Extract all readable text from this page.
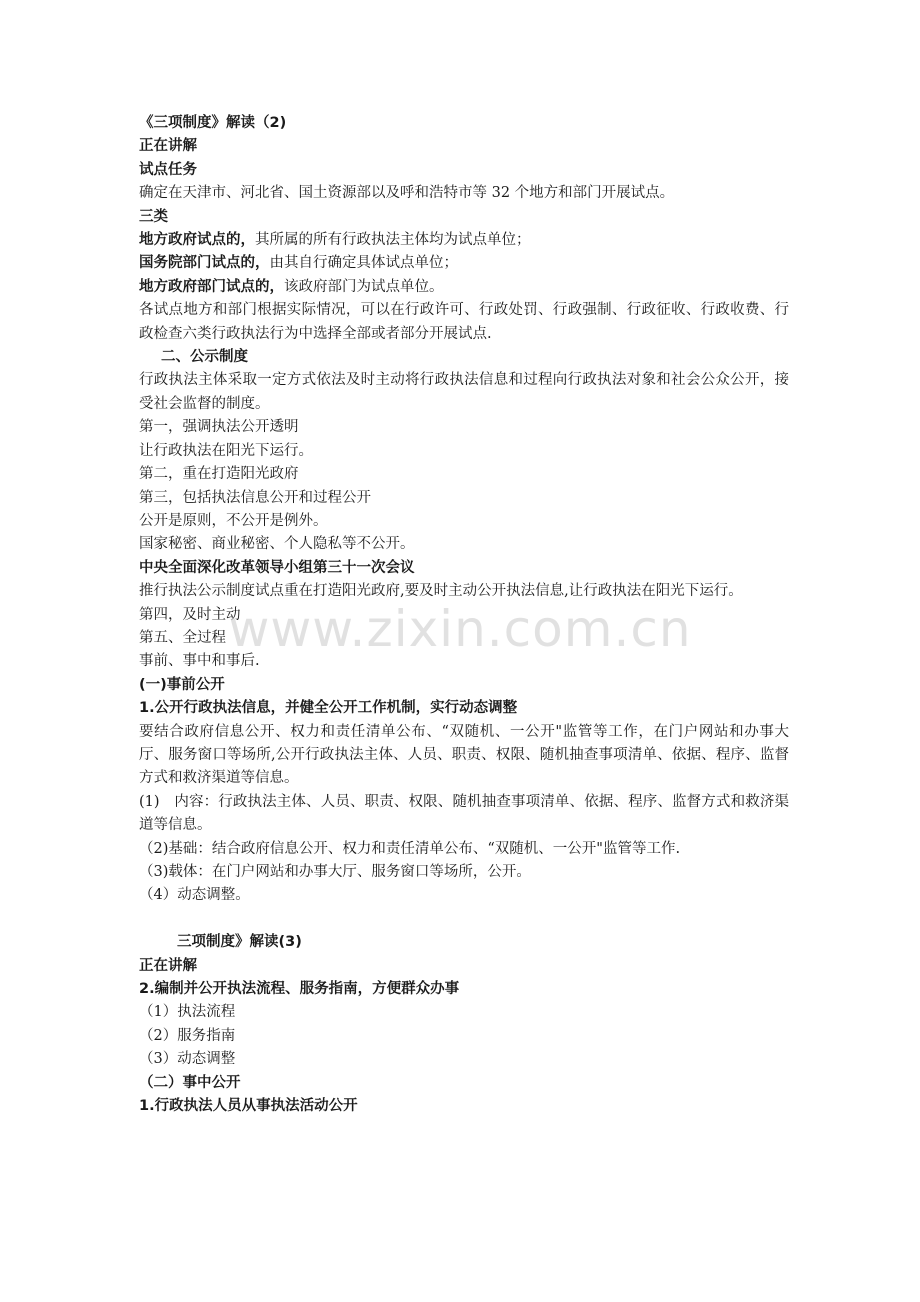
《三项制度》解读（2)

正在讲解

试点任务

确定在天津市、河北省、国土资源部以及呼和浩特市等 32 个地方和部门开展试点。

三类

地方政府试点的，其所属的所有行政执法主体均为试点单位；

国务院部门试点的，由其自行确定具体试点单位；

地方政府部门试点的，该政府部门为试点单位。

各试点地方和部门根据实际情况，可以在行政许可、行政处罚、行政强制、行政征收、行政收费、行政检查六类行政执法行为中选择全部或者部分开展试点.

二、公示制度

行政执法主体采取一定方式依法及时主动将行政执法信息和过程向行政执法对象和社会公众公开，接受社会监督的制度。

第一，强调执法公开透明

让行政执法在阳光下运行。

第二，重在打造阳光政府

第三，包括执法信息公开和过程公开

公开是原则，不公开是例外。

国家秘密、商业秘密、个人隐私等不公开。

中央全面深化改革领导小组第三十一次会议

推行执法公示制度试点重在打造阳光政府,要及时主动公开执法信息,让行政执法在阳光下运行。

第四，及时主动

第五、全过程

事前、事中和事后.

(一)事前公开

1.公开行政执法信息，并健全公开工作机制，实行动态调整

要结合政府信息公开、权力和责任清单公布、“双随机、一公开"监管等工作，在门户网站和办事大厅、服务窗口等场所,公开行政执法主体、人员、职责、权限、随机抽查事项清单、依据、程序、监督方式和救济渠道等信息。

(1)　内容：行政执法主体、人员、职责、权限、随机抽查事项清单、依据、程序、监督方式和救济渠道等信息。

（2)基础：结合政府信息公开、权力和责任清单公布、“双随机、一公开"监管等工作.

（3)载体：在门户网站和办事大厅、服务窗口等场所，公开。

（4）动态调整。

三项制度》解读(3)

正在讲解

2.编制并公开执法流程、服务指南，方便群众办事

（1）执法流程

（2）服务指南

（3）动态调整

（二）事中公开

1.行政执法人员从事执法活动公开

www.zixin.com.cn
